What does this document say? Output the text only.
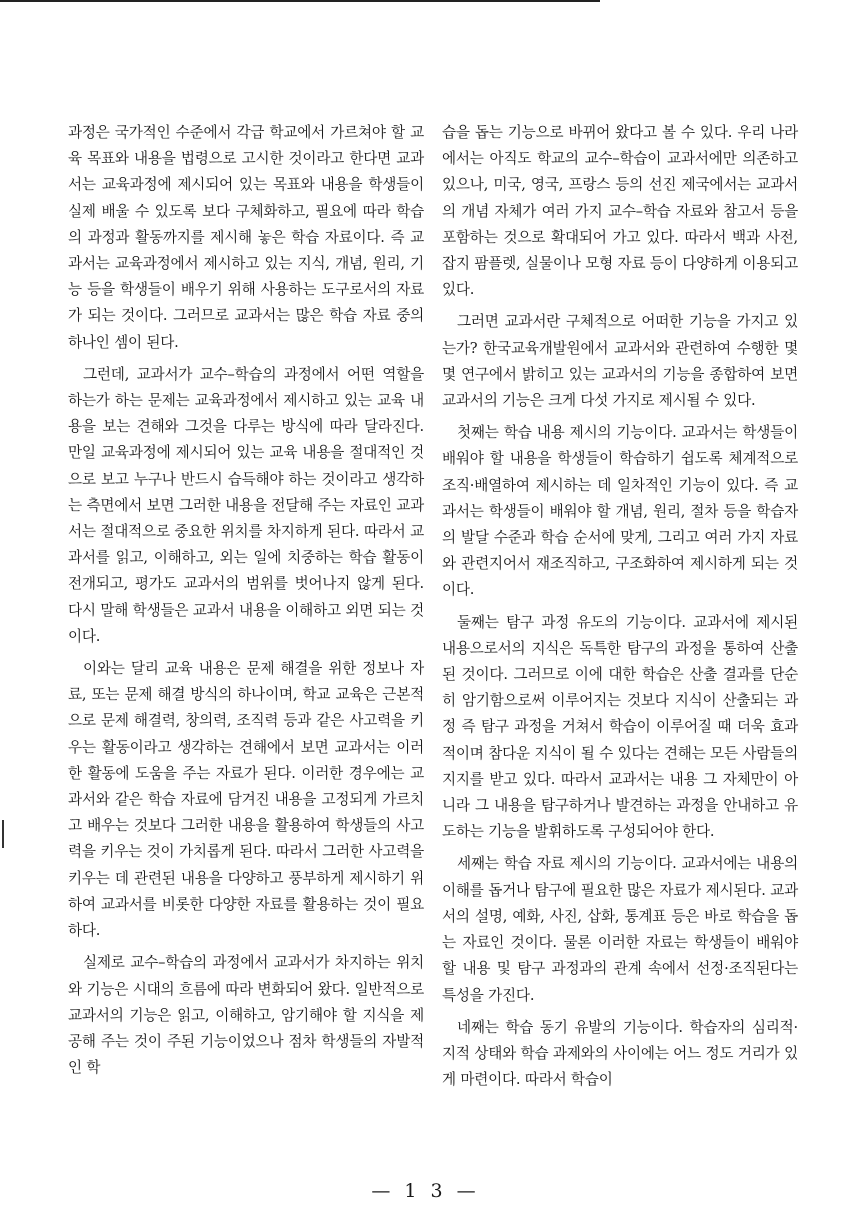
과정은 국가적인 수준에서 각급 학교에서 가르쳐야 할 교육 목표와 내용을 법령으로 고시한 것이라고 한다면 교과서는 교육과정에 제시되어 있는 목표와 내용을 학생들이 실제 배울 수 있도록 보다 구체화하고, 필요에 따라 학습의 과정과 활동까지를 제시해 놓은 학습 자료이다. 즉 교과서는 교육과정에서 제시하고 있는 지식, 개념, 원리, 기능 등을 학생들이 배우기 위해 사용하는 도구로서의 자료가 되는 것이다. 그러므로 교과서는 많은 학습 자료 중의 하나인 셈이 된다.

그런데, 교과서가 교수–학습의 과정에서 어떤 역할을 하는가 하는 문제는 교육과정에서 제시하고 있는 교육 내용을 보는 견해와 그것을 다루는 방식에 따라 달라진다. 만일 교육과정에 제시되어 있는 교육 내용을 절대적인 것으로 보고 누구나 반드시 습득해야 하는 것이라고 생각하는 측면에서 보면 그러한 내용을 전달해 주는 자료인 교과서는 절대적으로 중요한 위치를 차지하게 된다. 따라서 교과서를 읽고, 이해하고, 외는 일에 치중하는 학습 활동이 전개되고, 평가도 교과서의 범위를 벗어나지 않게 된다. 다시 말해 학생들은 교과서 내용을 이해하고 외면 되는 것이다.

이와는 달리 교육 내용은 문제 해결을 위한 정보나 자료, 또는 문제 해결 방식의 하나이며, 학교 교육은 근본적으로 문제 해결력, 창의력, 조직력 등과 같은 사고력을 키우는 활동이라고 생각하는 견해에서 보면 교과서는 이러한 활동에 도움을 주는 자료가 된다. 이러한 경우에는 교과서와 같은 학습 자료에 담겨진 내용을 고정되게 가르치고 배우는 것보다 그러한 내용을 활용하여 학생들의 사고력을 키우는 것이 가치롭게 된다. 따라서 그러한 사고력을 키우는 데 관련된 내용을 다양하고 풍부하게 제시하기 위하여 교과서를 비롯한 다양한 자료를 활용하는 것이 필요하다.

실제로 교수–학습의 과정에서 교과서가 차지하는 위치와 기능은 시대의 흐름에 따라 변화되어 왔다. 일반적으로 교과서의 기능은 읽고, 이해하고, 암기해야 할 지식을 제공해 주는 것이 주된 기능이었으나 점차 학생들의 자발적인 학

습을 돕는 기능으로 바뀌어 왔다고 볼 수 있다. 우리 나라에서는 아직도 학교의 교수–학습이 교과서에만 의존하고 있으나, 미국, 영국, 프랑스 등의 선진 제국에서는 교과서의 개념 자체가 여러 가지 교수–학습 자료와 참고서 등을 포함하는 것으로 확대되어 가고 있다. 따라서 백과 사전, 잡지 팜플렛, 실물이나 모형 자료 등이 다양하게 이용되고 있다.

그러면 교과서란 구체적으로 어떠한 기능을 가지고 있는가? 한국교육개발원에서 교과서와 관련하여 수행한 몇몇 연구에서 밝히고 있는 교과서의 기능을 종합하여 보면 교과서의 기능은 크게 다섯 가지로 제시될 수 있다.

첫째는 학습 내용 제시의 기능이다. 교과서는 학생들이 배워야 할 내용을 학생들이 학습하기 쉽도록 체계적으로 조직·배열하여 제시하는 데 일차적인 기능이 있다. 즉 교과서는 학생들이 배워야 할 개념, 원리, 절차 등을 학습자의 발달 수준과 학습 순서에 맞게, 그리고 여러 가지 자료와 관련지어서 재조직하고, 구조화하여 제시하게 되는 것이다.

둘째는 탐구 과정 유도의 기능이다. 교과서에 제시된 내용으로서의 지식은 독특한 탐구의 과정을 통하여 산출된 것이다. 그러므로 이에 대한 학습은 산출 결과를 단순히 암기함으로써 이루어지는 것보다 지식이 산출되는 과정 즉 탐구 과정을 거쳐서 학습이 이루어질 때 더욱 효과적이며 참다운 지식이 될 수 있다는 견해는 모든 사람들의 지지를 받고 있다. 따라서 교과서는 내용 그 자체만이 아니라 그 내용을 탐구하거나 발견하는 과정을 안내하고 유도하는 기능을 발휘하도록 구성되어야 한다.

세째는 학습 자료 제시의 기능이다. 교과서에는 내용의 이해를 돕거나 탐구에 필요한 많은 자료가 제시된다. 교과서의 설명, 예화, 사진, 삽화, 통계표 등은 바로 학습을 돕는 자료인 것이다. 물론 이러한 자료는 학생들이 배워야 할 내용 및 탐구 과정과의 관계 속에서 선정·조직된다는 특성을 가진다.

네째는 학습 동기 유발의 기능이다. 학습자의 심리적·지적 상태와 학습 과제와의 사이에는 어느 정도 거리가 있게 마련이다. 따라서 학습이

— 1 3 —
